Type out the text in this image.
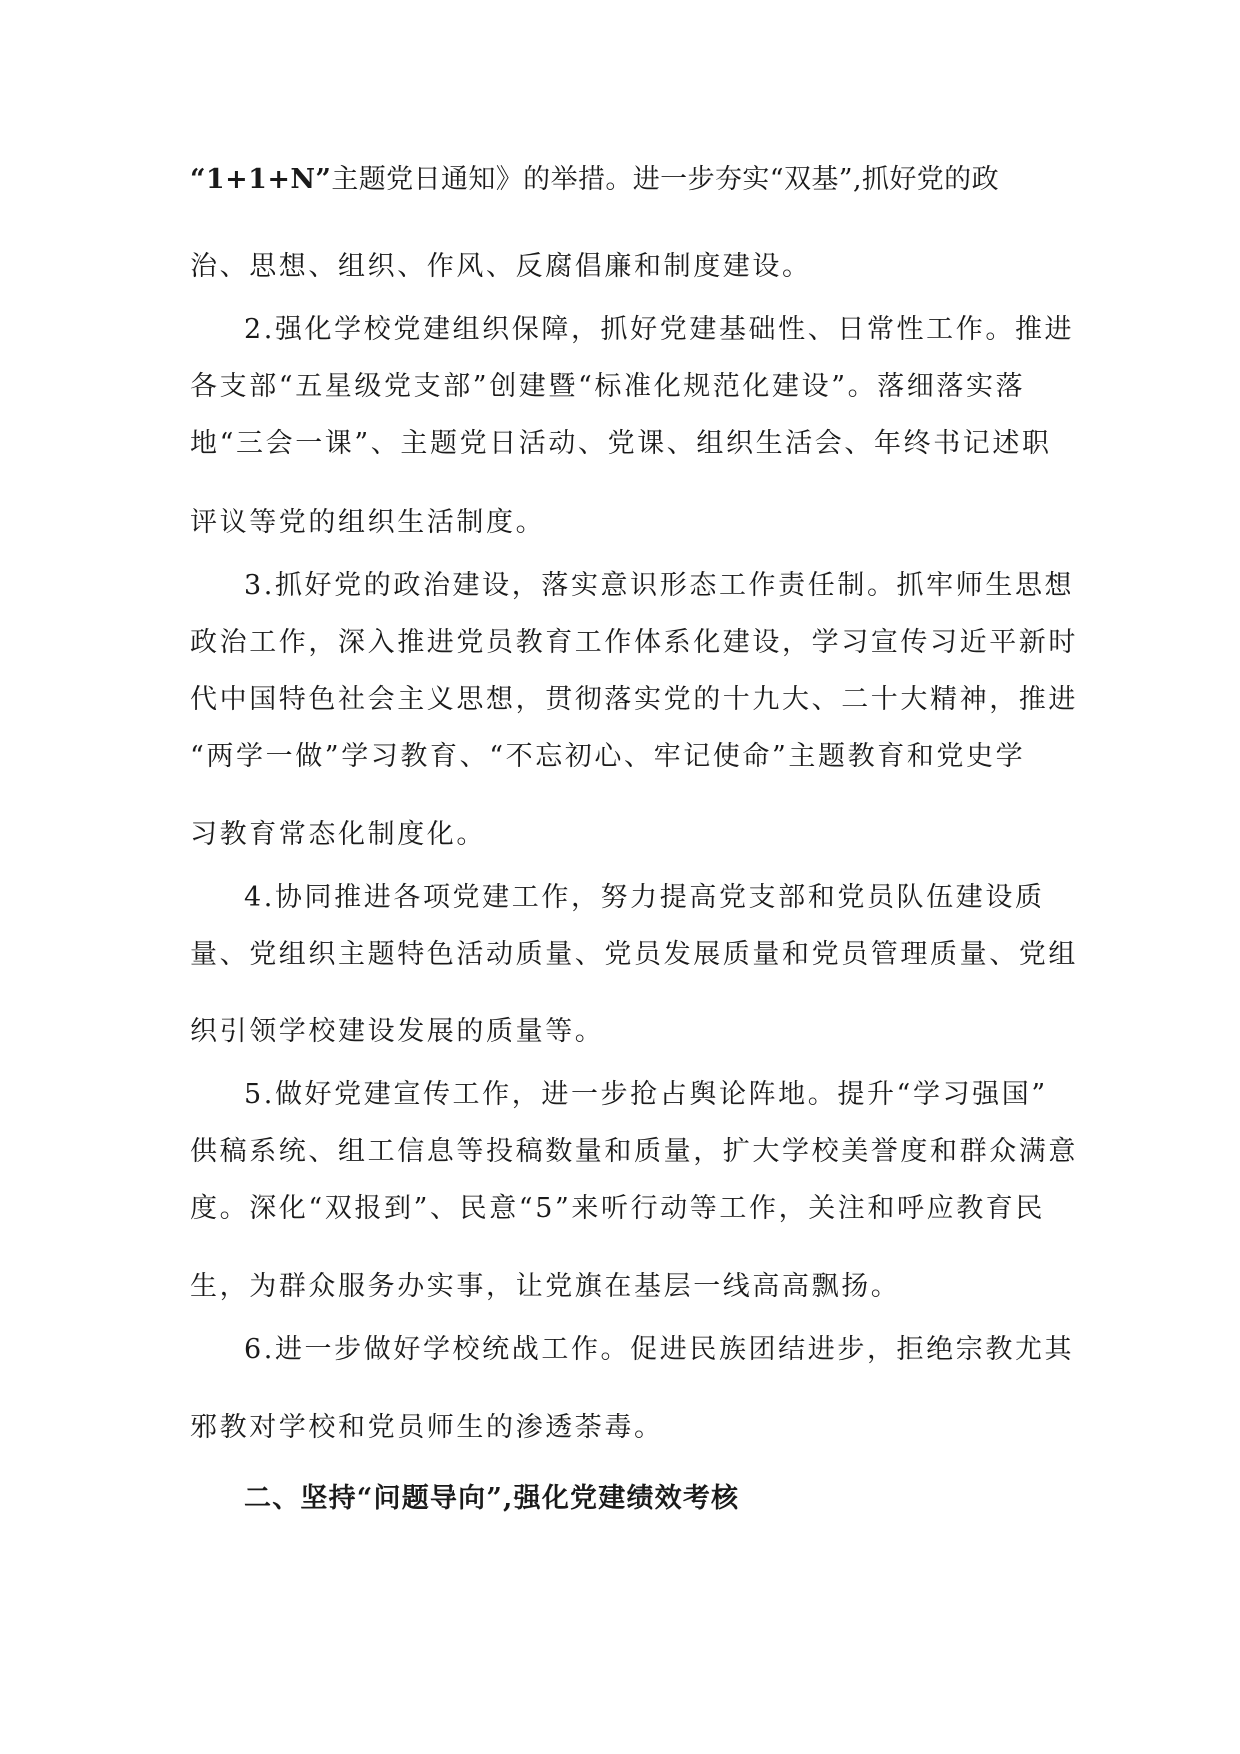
“1+1+N”主题党日通知》的举措。进一步夯实“双基”,抓好党的政
治、思想、组织、作风、反腐倡廉和制度建设。
2.强化学校党建组织保障，抓好党建基础性、日常性工作。推进
各支部“五星级党支部”创建暨“标准化规范化建设”。落细落实落
地“三会一课”、主题党日活动、党课、组织生活会、年终书记述职
评议等党的组织生活制度。
3.抓好党的政治建设，落实意识形态工作责任制。抓牢师生思想
政治工作，深入推进党员教育工作体系化建设，学习宣传习近平新时
代中国特色社会主义思想，贯彻落实党的十九大、二十大精神，推进
“两学一做”学习教育、“不忘初心、牢记使命”主题教育和党史学
习教育常态化制度化。
4.协同推进各项党建工作，努力提高党支部和党员队伍建设质
量、党组织主题特色活动质量、党员发展质量和党员管理质量、党组
织引领学校建设发展的质量等。
5.做好党建宣传工作，进一步抢占舆论阵地。提升“学习强国”
供稿系统、组工信息等投稿数量和质量，扩大学校美誉度和群众满意
度。深化“双报到”、民意“5”来听行动等工作，关注和呼应教育民
生，为群众服务办实事，让党旗在基层一线高高飘扬。
6.进一步做好学校统战工作。促进民族团结进步，拒绝宗教尤其
邪教对学校和党员师生的渗透荼毒。
二、坚持“问题导向”,强化党建绩效考核
